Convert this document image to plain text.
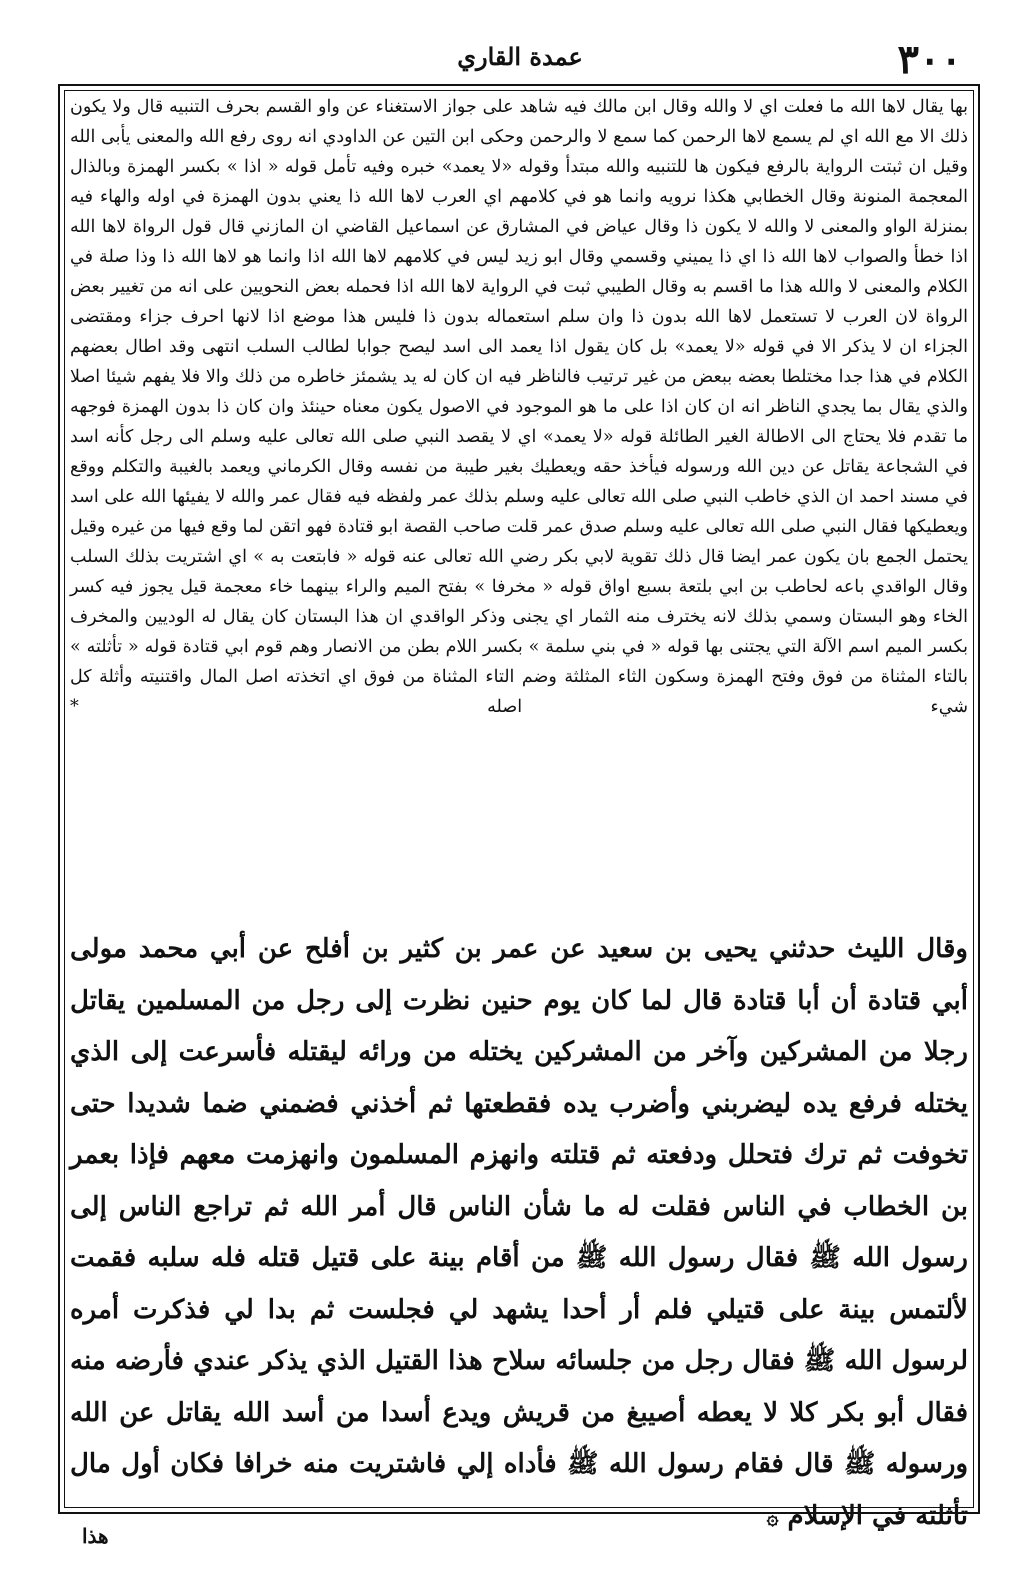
٣٠٠
عمدة القاري

بها يقال لاها الله ما فعلت اي لا والله وقال ابن مالك فيه شاهد على جواز الاستغناء عن واو القسم بحرف التنبيه قال ولا يكون ذلك الا مع الله اي لم يسمع لاها الرحمن كما سمع لا والرحمن وحكى ابن التين عن الداودي انه روى رفع الله والمعنى يأبى الله وقيل ان ثبتت الرواية بالرفع فيكون ها للتنبيه والله مبتدأ وقوله «لا يعمد» خبره وفيه تأمل قوله « اذا » بكسر الهمزة وبالذال المعجمة المنونة وقال الخطابي هكذا نرويه وانما هو في كلامهم اي العرب لاها الله ذا يعني بدون الهمزة في اوله والهاء فيه بمنزلة الواو والمعنى لا والله لا يكون ذا وقال عياض في المشارق عن اسماعيل القاضي ان المازني قال قول الرواة لاها الله اذا خطأ والصواب لاها الله ذا اي ذا يميني وقسمي وقال ابو زيد ليس في كلامهم لاها الله اذا وانما هو لاها الله ذا وذا صلة في الكلام والمعنى لا والله هذا ما اقسم به وقال الطيبي ثبت في الرواية لاها الله اذا فحمله بعض النحويين على انه من تغيير بعض الرواة لان العرب لا تستعمل لاها الله بدون ذا وان سلم استعماله بدون ذا فليس هذا موضع اذا لانها احرف جزاء ومقتضى الجزاء ان لا يذكر الا في قوله «لا يعمد» بل كان يقول اذا يعمد الى اسد ليصح جوابا لطالب السلب انتهى وقد اطال بعضهم الكلام في هذا جدا مختلطا بعضه ببعض من غير ترتيب فالناظر فيه ان كان له يد يشمئز خاطره من ذلك والا فلا يفهم شيئا اصلا والذي يقال بما يجدي الناظر انه ان كان اذا على ما هو الموجود في الاصول يكون معناه حينئذ وان كان ذا بدون الهمزة فوجهه ما تقدم فلا يحتاج الى الاطالة الغير الطائلة قوله «لا يعمد» اي لا يقصد النبي صلى الله تعالى عليه وسلم الى رجل كأنه اسد في الشجاعة يقاتل عن دين الله ورسوله فيأخذ حقه ويعطيك بغير طيبة من نفسه وقال الكرماني ويعمد بالغيبة والتكلم ووقع في مسند احمد ان الذي خاطب النبي صلى الله تعالى عليه وسلم بذلك عمر ولفظه فيه فقال عمر والله لا يفيئها الله على اسد ويعطيكها فقال النبي صلى الله تعالى عليه وسلم صدق عمر قلت صاحب القصة ابو قتادة فهو اتقن لما وقع فيها من غيره وقيل يحتمل الجمع بان يكون عمر ايضا قال ذلك تقوية لابي بكر رضي الله تعالى عنه قوله « فابتعت به » اي اشتريت بذلك السلب وقال الواقدي باعه لحاطب بن ابي بلتعة بسبع اواق قوله « مخرفا » بفتح الميم والراء بينهما خاء معجمة قيل يجوز فيه كسر الخاء وهو البستان وسمي بذلك لانه يخترف منه الثمار اي يجنى وذكر الواقدي ان هذا البستان كان يقال له الوديين والمخرف بكسر الميم اسم الآلة التي يجتنى بها قوله « في بني سلمة » بكسر اللام بطن من الانصار وهم قوم ابي قتادة قوله « تأثلته » بالتاء المثناة من فوق وفتح الهمزة وسكون الثاء المثلثة وضم التاء المثناة من فوق اي اتخذته اصل المال واقتنيته وأثلة كل شيء اصله *

وقال الليث حدثني يحيى بن سعيد عن عمر بن كثير بن أفلح عن أبي محمد مولى أبي قتادة أن أبا قتادة قال لما كان يوم حنين نظرت إلى رجل من المسلمين يقاتل رجلا من المشركين وآخر من المشركين يختله من ورائه ليقتله فأسرعت إلى الذي يختله فرفع يده ليضربني وأضرب يده فقطعتها ثم أخذني فضمني ضما شديدا حتى تخوفت ثم ترك فتحلل ودفعته ثم قتلته وانهزم المسلمون وانهزمت معهم فإذا بعمر بن الخطاب في الناس فقلت له ما شأن الناس قال أمر الله ثم تراجع الناس إلى رسول الله ﷺ فقال رسول الله ﷺ من أقام بينة على قتيل قتله فله سلبه فقمت لألتمس بينة على قتيلي فلم أر أحدا يشهد لي فجلست ثم بدا لي فذكرت أمره لرسول الله ﷺ فقال رجل من جلسائه سلاح هذا القتيل الذي يذكر عندي فأرضه منه فقال أبو بكر كلا لا يعطه أصيبغ من قريش ويدع أسدا من أسد الله يقاتل عن الله ورسوله ﷺ قال فقام رسول الله ﷺ فأداه إلي فاشتريت منه خرافا فكان أول مال تأثلته في الإسلام ۞

هذا
